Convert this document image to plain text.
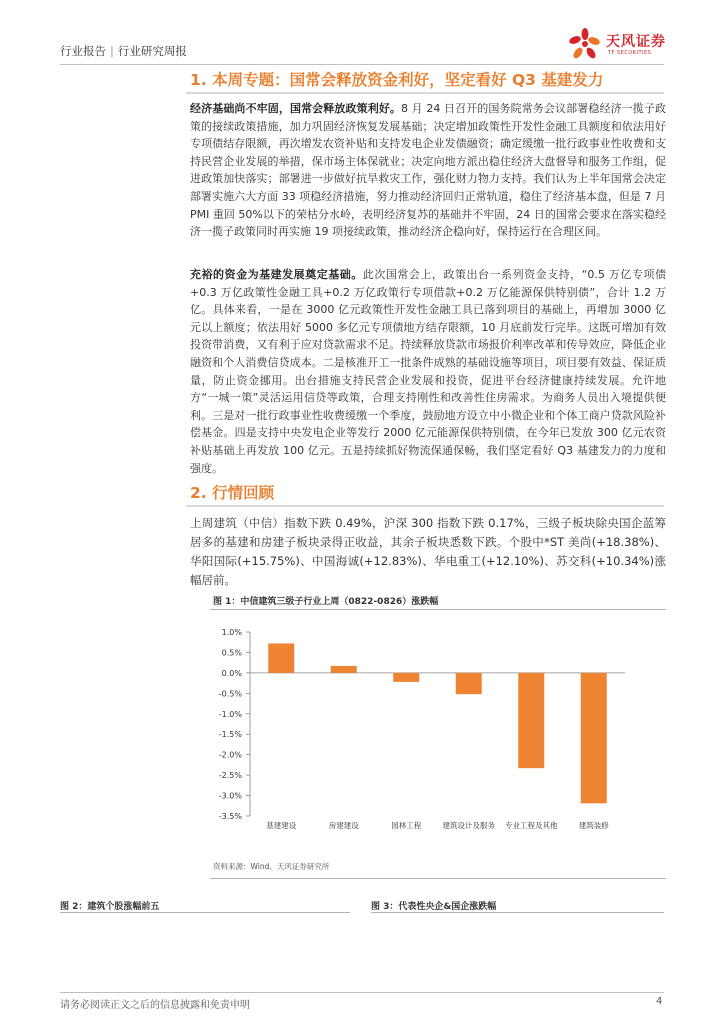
行业报告 | 行业研究周报
天风证券
TF SECURITIES
1. 本周专题：国常会释放资金利好，坚定看好 Q3 基建发力

经济基础尚不牢固，国常会释放政策利好。8 月 24 日召开的国务院常务会议部署稳经济一揽子政策的接续政策措施，加力巩固经济恢复发展基础；决定增加政策性开发性金融工具额度和依法用好专项债结存限额，再次增发农资补贴和支持发电企业发债融资；确定缓缴一批行政事业性收费和支持民营企业发展的举措，保市场主体保就业；决定向地方派出稳住经济大盘督导和服务工作组，促进政策加快落实；部署进一步做好抗旱救灾工作，强化财力物力支持。我们认为上半年国常会决定部署实施六大方面 33 项稳经济措施，努力推动经济回归正常轨道，稳住了经济基本盘，但是 7 月 PMI 重回 50%以下的荣枯分水岭，表明经济复苏的基础并不牢固，24 日的国常会要求在落实稳经济一揽子政策同时再实施 19 项接续政策，推动经济企稳向好，保持运行在合理区间。

充裕的资金为基建发展奠定基础。此次国常会上，政策出台一系列资金支持，“0.5 万亿专项债+0.3 万亿政策性金融工具+0.2 万亿政策行专项借款+0.2 万亿能源保供特别债”，合计 1.2 万亿。具体来看，一是在 3000 亿元政策性开发性金融工具已落到项目的基础上，再增加 3000 亿元以上额度；依法用好 5000 多亿元专项债地方结存限额，10 月底前发行完毕。这既可增加有效投资带消费，又有利于应对贷款需求不足。持续释放贷款市场报价利率改革和传导效应，降低企业融资和个人消费信贷成本。二是核准开工一批条件成熟的基础设施等项目，项目要有效益、保证质量，防止资金挪用。出台措施支持民营企业发展和投资，促进平台经济健康持续发展。允许地方“一城一策”灵活运用信贷等政策，合理支持刚性和改善性住房需求。为商务人员出入境提供便利。三是对一批行政事业性收费缓缴一个季度，鼓励地方设立中小微企业和个体工商户贷款风险补偿基金。四是支持中央发电企业等发行 2000 亿元能源保供特别债，在今年已发放 300 亿元农资补贴基础上再发放 100 亿元。五是持续抓好物流保通保畅，我们坚定看好 Q3 基建发力的力度和强度。

2. 行情回顾

上周建筑（中信）指数下跌 0.49%，沪深 300 指数下跌 0.17%，三级子板块除央国企蓝筹居多的基建和房建子板块录得正收益，其余子板块悉数下跌。个股中*ST 美尚(+18.38%)、华阳国际(+15.75%)、中国海诚(+12.83%)、华电重工(+12.10%)、苏交科(+10.34%)涨幅居前。

图 1：中信建筑三级子行业上周（0822-0826）涨跌幅
1.0%
0.5%
0.0%
-0.5%
-1.0%
-1.5%
-2.0%
-2.5%
-3.0%
-3.5%
基建建设	房建建设	园林工程	建筑设计及服务 专业工程及其他	建筑装修
资料来源：Wind、天风证券研究所
图 2：建筑个股涨幅前五	图 3：代表性央企&国企涨跌幅
请务必阅读正文之后的信息披露和免责申明	4
